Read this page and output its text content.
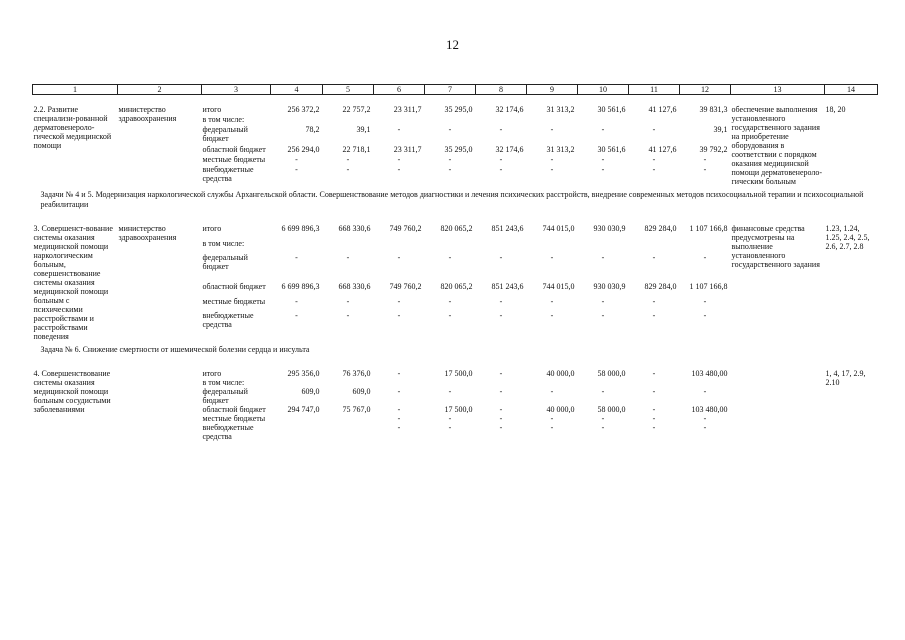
12
1	2	3	4	5	6	7	8	9	10	11	12	13	14

2.2. Развитие специализи-рованной дерматовенероло-гической медицинской помощи	министерство здравоохранения	итого	256 372,2	22 757,2	23 311,7	35 295,0	32 174,6	31 313,2	30 561,6	41 127,6	39 831,3	обеспечение выполнения установленного государственного задания на приобретение оборудования в соответствии с порядком оказания медицинской помощи дерматовенероло-гическим больным	18, 20
		в том числе:											
		федеральный бюджет	78,2	39,1	-	-	-	-	-	-	39,1		
		областной бюджет	256 294,0	22 718,1	23 311,7	35 295,0	32 174,6	31 313,2	30 561,6	41 127,6	39 792,2		
		местные бюджеты	-	-	-	-	-	-	-	-	-		
		внебюджетные средства	-	-	-	-	-	-	-	-	-		
Задачи № 4 и 5. Модернизация наркологической службы Архангельской области. Совершенствование методов диагностики и лечения психических расстройств, внедрение современных методов психосоциальной терапии и психосоциальной реабилитации													

3. Совершенст-вование системы оказания медицинской помощи наркологическим больным, совершенствование системы оказания медицинской помощи больным с психическими расстройствами и расстройствами поведения	министерство здравоохранения	итого	6 699 896,3	668 330,6	749 760,2	820 065,2	851 243,6	744 015,0	930 030,9	829 284,0	1 107 166,8	финансовые средства предусмотрены на выполнение установленного государственного задания	1.23, 1.24, 1.25, 2.4, 2.5, 2.6, 2.7, 2.8
		в том числе:											
		федеральный бюджет	-	-	-	-	-	-	-	-	-		
		областной бюджет	6 699 896,3	668 330,6	749 760,2	820 065,2	851 243,6	744 015,0	930 030,9	829 284,0	1 107 166,8		
		местные бюджеты	-	-	-	-	-	-	-	-	-		
		внебюджетные средства	-	-	-	-	-	-	-	-	-		
Задача № 6. Снижение смертности от ишемической болезни сердца и инсульта													

4. Совершенствование системы оказания медицинской помощи больным сосудистыми заболеваниями		итого	295 356,0	76 376,0	-	17 500,0	-	40 000,0	58 000,0	-	103 480,00		1, 4, 17, 2.9, 2.10
		в том числе:											
		федеральный бюджет	609,0	609,0	-	-	-	-	-	-	-		
		областной бюджет	294 747,0	75 767,0	-	17 500,0	-	40 000,0	58 000,0	-	103 480,00		
		местные бюджеты			-	-	-	-	-	-	-		
		внебюджетные средства			-	-	-	-	-	-	-		
